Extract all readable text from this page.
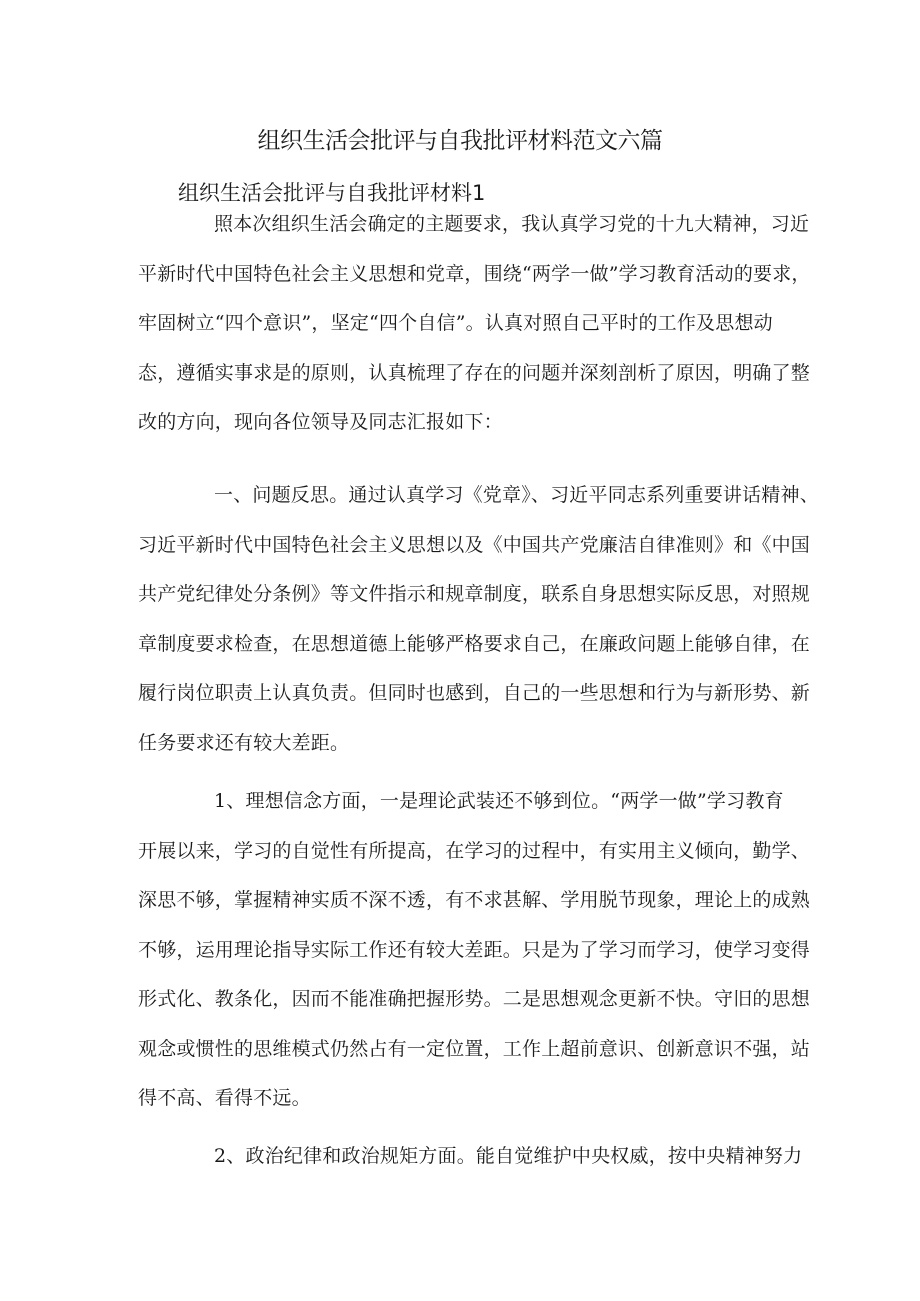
组织生活会批评与自我批评材料范文六篇
组织生活会批评与自我批评材料1

照本次组织生活会确定的主题要求，我认真学习党的十九大精神，习近
平新时代中国特色社会主义思想和党章，围绕“两学一做”学习教育活动的要求，
牢固树立“四个意识”，坚定“四个自信”。认真对照自己平时的工作及思想动
态，遵循实事求是的原则，认真梳理了存在的问题并深刻剖析了原因，明确了整
改的方向，现向各位领导及同志汇报如下：

一、问题反思。通过认真学习《党章》、习近平同志系列重要讲话精神、
习近平新时代中国特色社会主义思想以及《中国共产党廉洁自律准则》和《中国
共产党纪律处分条例》等文件指示和规章制度，联系自身思想实际反思，对照规
章制度要求检查，在思想道德上能够严格要求自己，在廉政问题上能够自律，在
履行岗位职责上认真负责。但同时也感到，自己的一些思想和行为与新形势、新
任务要求还有较大差距。

1、理想信念方面，一是理论武装还不够到位。“两学一做”学习教育
开展以来，学习的自觉性有所提高，在学习的过程中，有实用主义倾向，勤学、
深思不够，掌握精神实质不深不透，有不求甚解、学用脱节现象，理论上的成熟
不够，运用理论指导实际工作还有较大差距。只是为了学习而学习，使学习变得
形式化、教条化，因而不能准确把握形势。二是思想观念更新不快。守旧的思想
观念或惯性的思维模式仍然占有一定位置，工作上超前意识、创新意识不强，站
得不高、看得不远。

2、政治纪律和政治规矩方面。能自觉维护中央权威，按中央精神努力
